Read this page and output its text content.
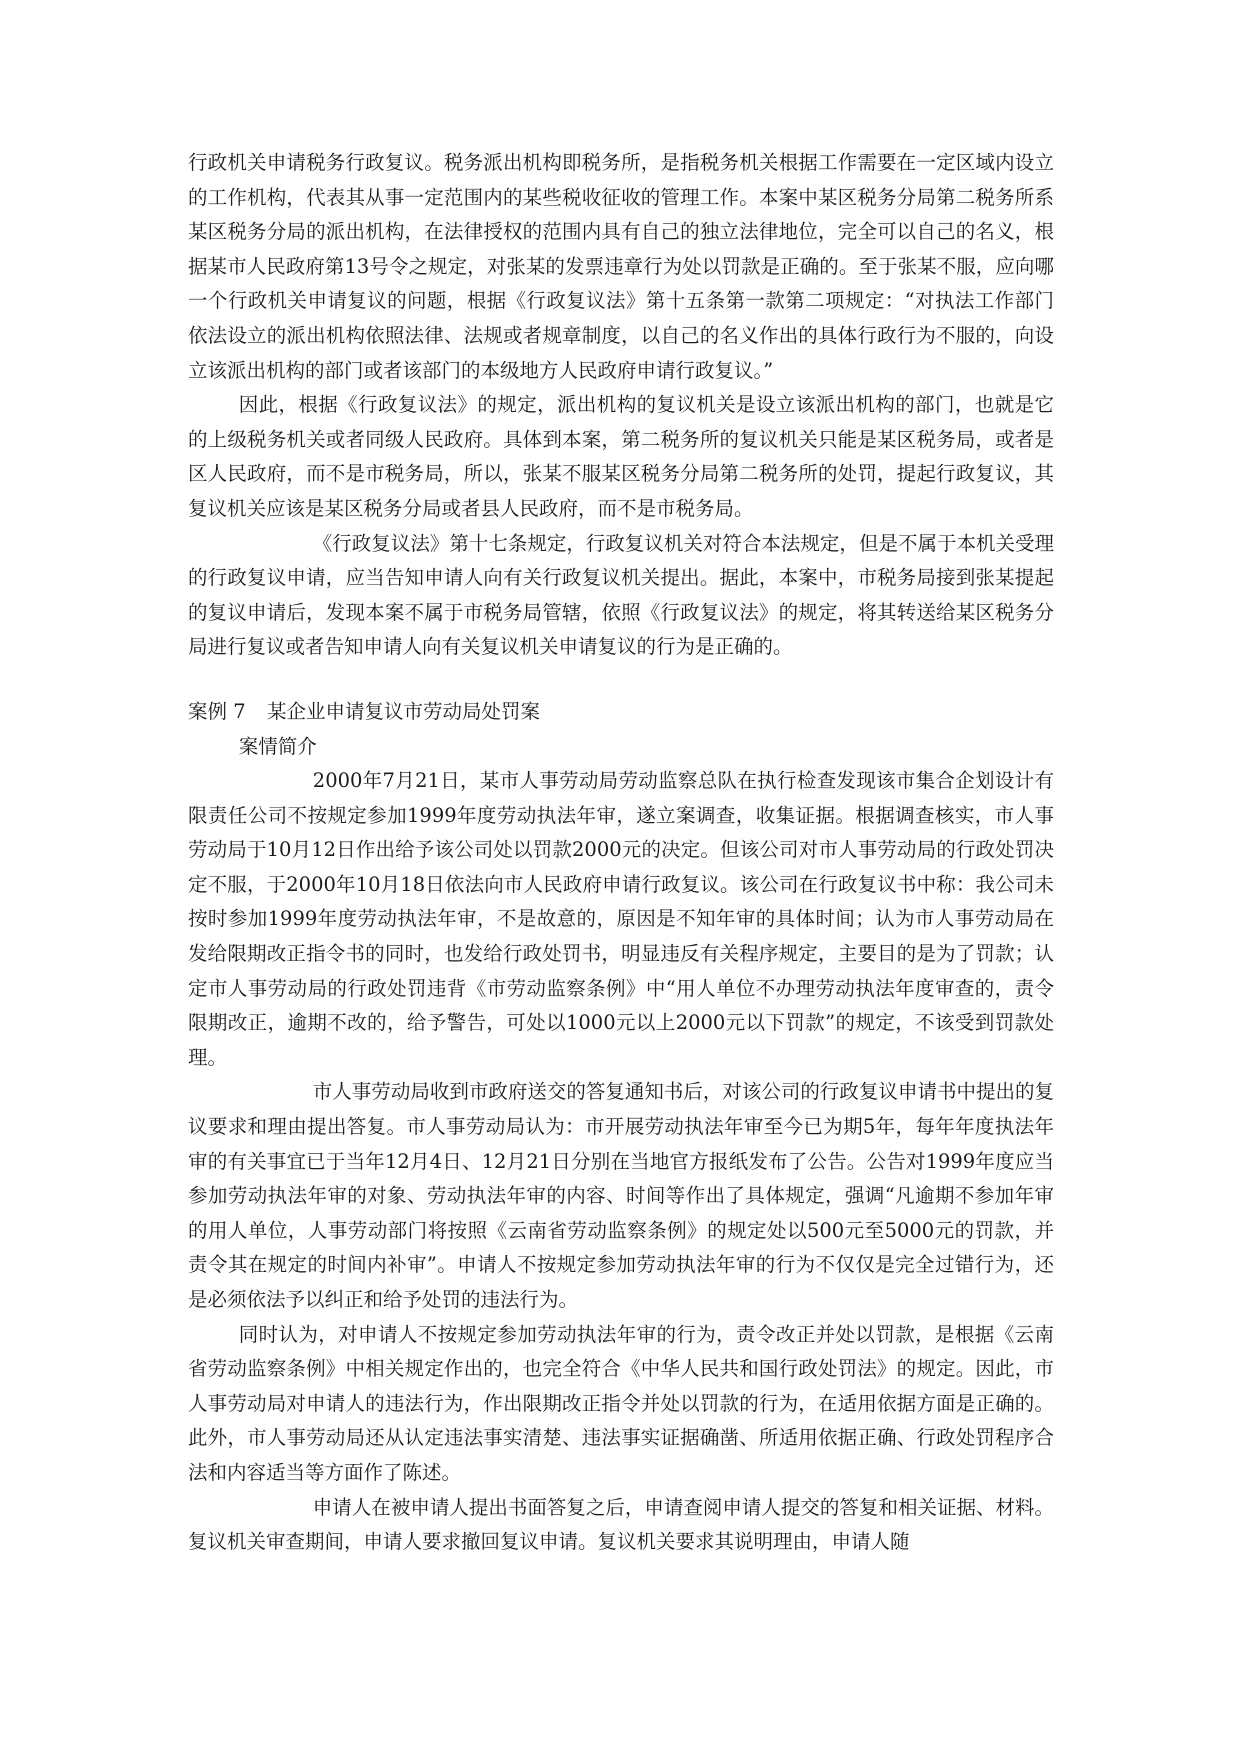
行政机关申请税务行政复议。税务派出机构即税务所，是指税务机关根据工作需要在一定区域内设立的工作机构，代表其从事一定范围内的某些税收征收的管理工作。本案中某区税务分局第二税务所系某区税务分局的派出机构，在法律授权的范围内具有自己的独立法律地位，完全可以自己的名义，根据某市人民政府第13号令之规定，对张某的发票违章行为处以罚款是正确的。至于张某不服，应向哪一个行政机关申请复议的问题，根据《行政复议法》第十五条第一款第二项规定：“对执法工作部门依法设立的派出机构依照法律、法规或者规章制度，以自己的名义作出的具体行政行为不服的，向设立该派出机构的部门或者该部门的本级地方人民政府申请行政复议。”

因此，根据《行政复议法》的规定，派出机构的复议机关是设立该派出机构的部门，也就是它的上级税务机关或者同级人民政府。具体到本案，第二税务所的复议机关只能是某区税务局，或者是区人民政府，而不是市税务局，所以，张某不服某区税务分局第二税务所的处罚，提起行政复议，其复议机关应该是某区税务分局或者县人民政府，而不是市税务局。

《行政复议法》第十七条规定，行政复议机关对符合本法规定，但是不属于本机关受理的行政复议申请，应当告知申请人向有关行政复议机关提出。据此，本案中，市税务局接到张某提起的复议申请后，发现本案不属于市税务局管辖，依照《行政复议法》的规定，将其转送给某区税务分局进行复议或者告知申请人向有关复议机关申请复议的行为是正确的。

案例 7 某企业申请复议市劳动局处罚案

案情简介

2000年7月21日，某市人事劳动局劳动监察总队在执行检查发现该市集合企划设计有限责任公司不按规定参加1999年度劳动执法年审，遂立案调查，收集证据。根据调查核实，市人事劳动局于10月12日作出给予该公司处以罚款2000元的决定。但该公司对市人事劳动局的行政处罚决定不服，于2000年10月18日依法向市人民政府申请行政复议。该公司在行政复议书中称：我公司未按时参加1999年度劳动执法年审，不是故意的，原因是不知年审的具体时间；认为市人事劳动局在发给限期改正指令书的同时，也发给行政处罚书，明显违反有关程序规定，主要目的是为了罚款；认定市人事劳动局的行政处罚违背《市劳动监察条例》中“用人单位不办理劳动执法年度审查的，责令限期改正，逾期不改的，给予警告，可处以1000元以上2000元以下罚款”的规定，不该受到罚款处理。

市人事劳动局收到市政府送交的答复通知书后，对该公司的行政复议申请书中提出的复议要求和理由提出答复。市人事劳动局认为：市开展劳动执法年审至今已为期5年，每年年度执法年审的有关事宜已于当年12月4日、12月21日分别在当地官方报纸发布了公告。公告对1999年度应当参加劳动执法年审的对象、劳动执法年审的内容、时间等作出了具体规定，强调“凡逾期不参加年审的用人单位，人事劳动部门将按照《云南省劳动监察条例》的规定处以500元至5000元的罚款，并责令其在规定的时间内补审”。申请人不按规定参加劳动执法年审的行为不仅仅是完全过错行为，还是必须依法予以纠正和给予处罚的违法行为。

同时认为，对申请人不按规定参加劳动执法年审的行为，责令改正并处以罚款，是根据《云南省劳动监察条例》中相关规定作出的，也完全符合《中华人民共和国行政处罚法》的规定。因此，市人事劳动局对申请人的违法行为，作出限期改正指令并处以罚款的行为，在适用依据方面是正确的。此外，市人事劳动局还从认定违法事实清楚、违法事实证据确凿、所适用依据正确、行政处罚程序合法和内容适当等方面作了陈述。

申请人在被申请人提出书面答复之后，申请查阅申请人提交的答复和相关证据、材料。复议机关审查期间，申请人要求撤回复议申请。复议机关要求其说明理由，申请人随
